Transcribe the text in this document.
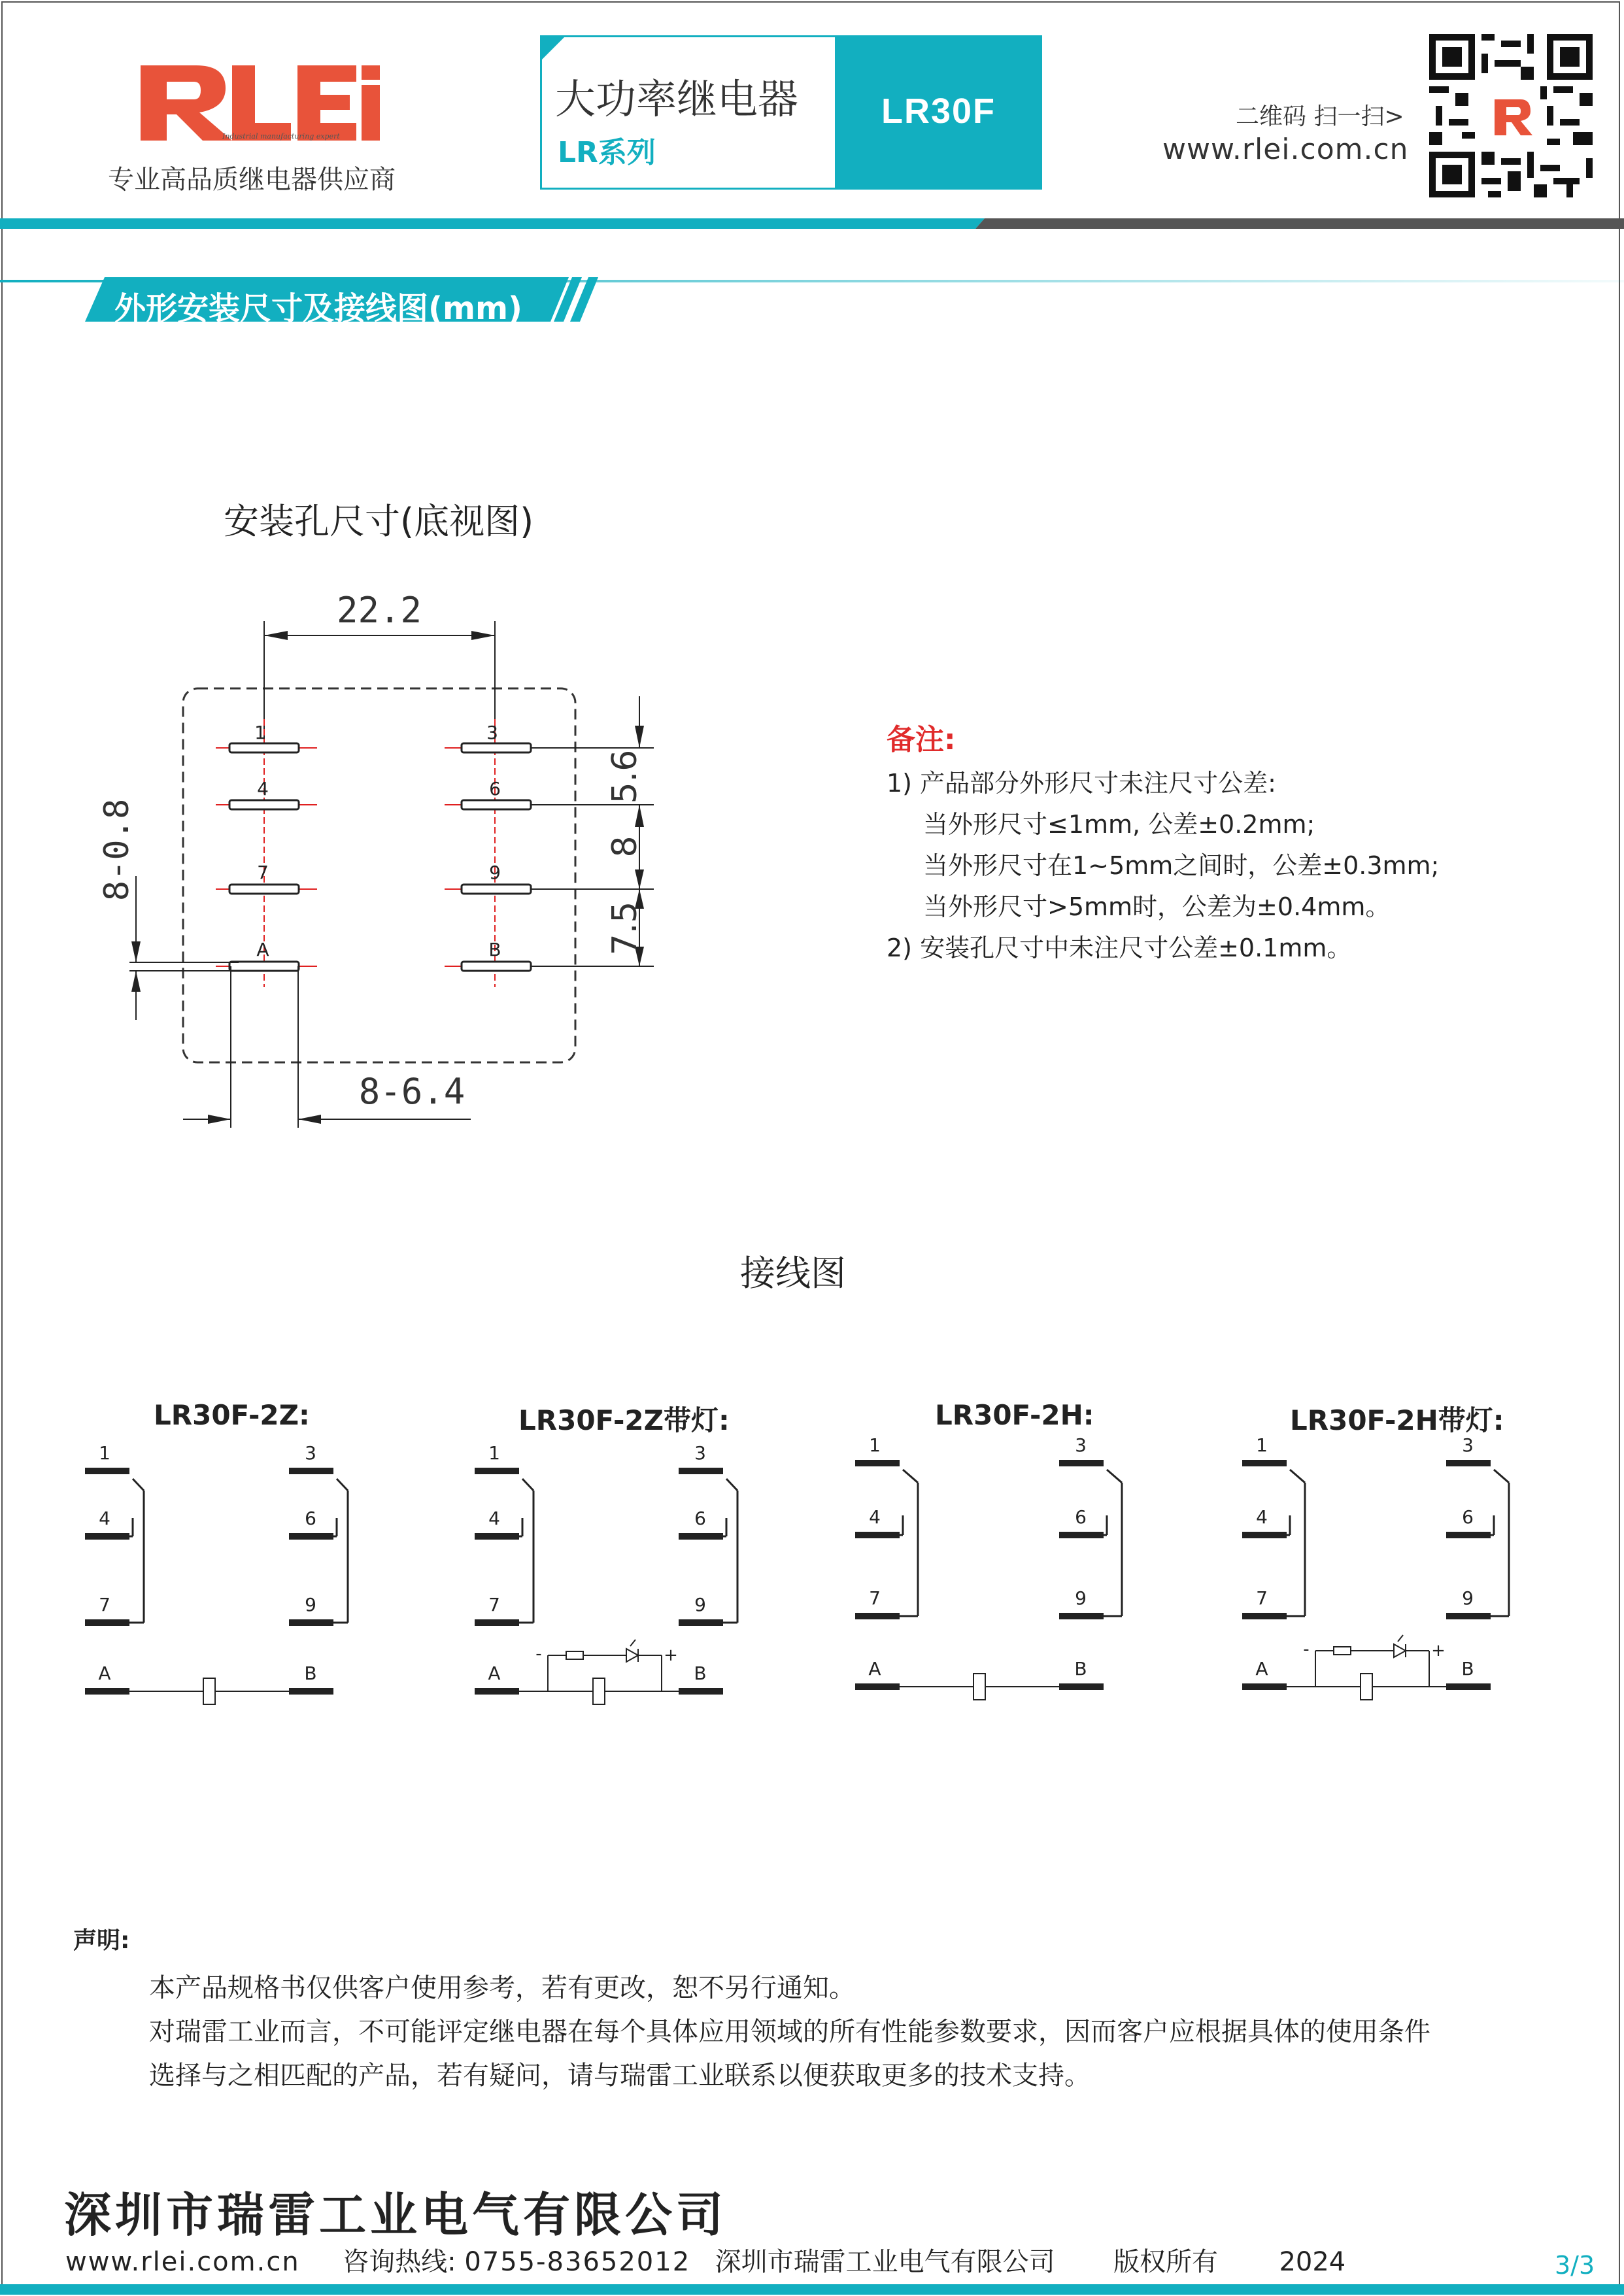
Industrial manufacturing expert
专业高品质继电器供应商
大功率继电器
LR系列
LR30F	二维码 扫一扫>
www.rlei.com.cn
外形安装尺寸及接线图(mm)
安装孔尺寸(底视图)
22.2
1
4
7
A
3
6
9
B
5.6
8
7.5
8-0.8
8-6.4
备注:
1) 产品部分外形尺寸未注尺寸公差:
当外形尺寸≤1mm, 公差±0.2mm;
当外形尺寸在1~5mm之间时，公差±0.3mm;
当外形尺寸>5mm时，公差为±0.4mm。
2) 安装孔尺寸中未注尺寸公差±0.1mm。
接线图
LR30F-2Z:	LR30F-2Z带灯:	LR30F-2H:	LR30F-2H带灯:
1	3
4	6
7	9
A	B
1	3
4	6
7	9
A	B
-	+
1	3
4	6
7	9
A	B
1	3
4	6
7	9
A	B
-	+
声明:
本产品规格书仅供客户使用参考，若有更改，恕不另行通知。
对瑞雷工业而言，不可能评定继电器在每个具体应用领域的所有性能参数要求，因而客户应根据具体的使用条件
选择与之相匹配的产品，若有疑问，请与瑞雷工业联系以便获取更多的技术支持。
深圳市瑞雷工业电气有限公司
www.rlei.com.cn 咨询热线: 0755-83652012 深圳市瑞雷工业电气有限公司 版权所有 2024	3/3
